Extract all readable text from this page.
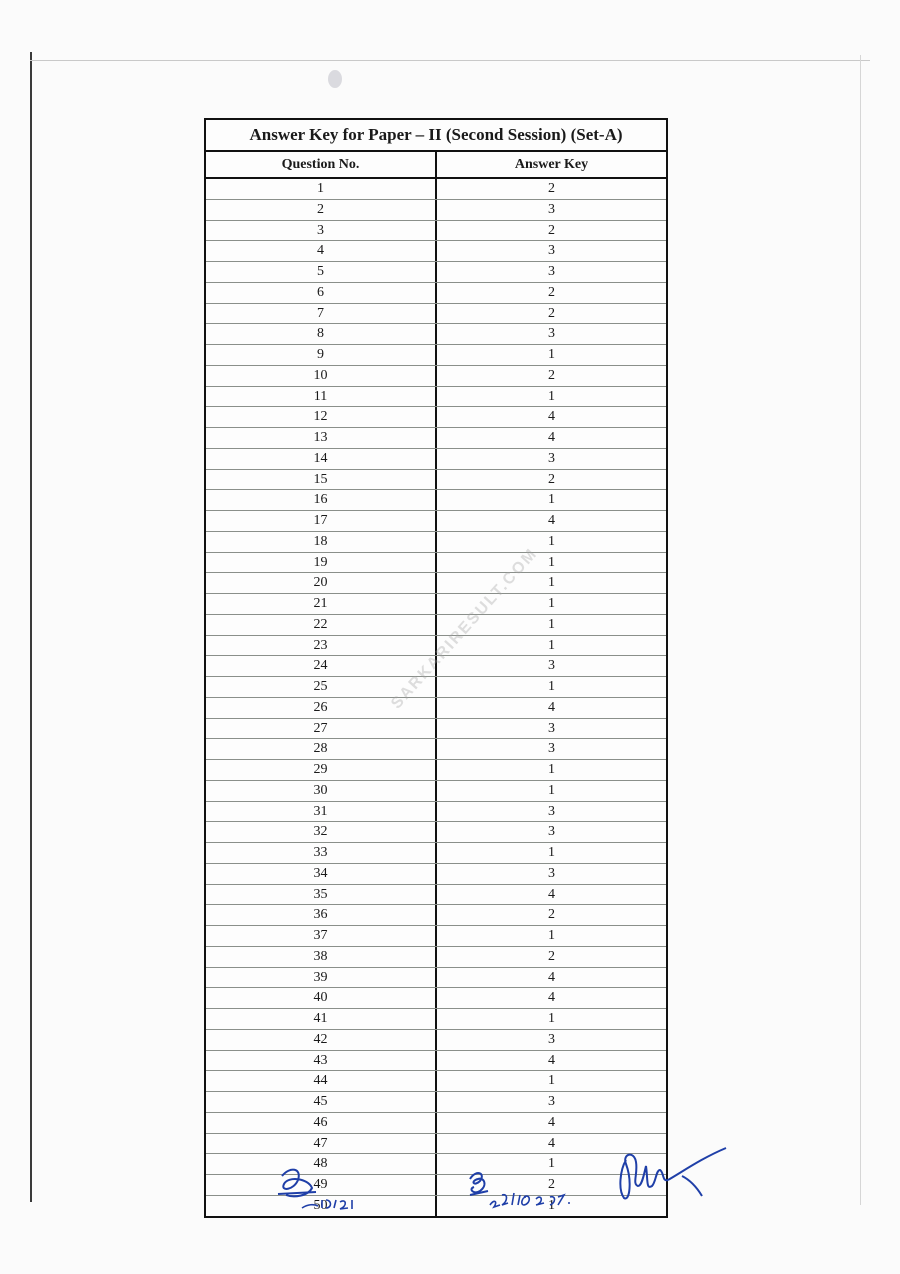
Answer Key for Paper – II (Second Session) (Set-A)
Question No.	Answer Key
1	2
2	3
3	2
4	3
5	3
6	2
7	2
8	3
9	1
10	2
11	1
12	4
13	4
14	3
15	2
16	1
17	4
18	1
19	1
20	1
21	1
22	1
23	1
24	3
25	1
26	4
27	3
28	3
29	1
30	1
31	3
32	3
33	1
34	3
35	4
36	2
37	1
38	2
39	4
40	4
41	1
42	3
43	4
44	1
45	3
46	4
47	4
48	1
49	2
50	1
SARKARIRESULT.COM
